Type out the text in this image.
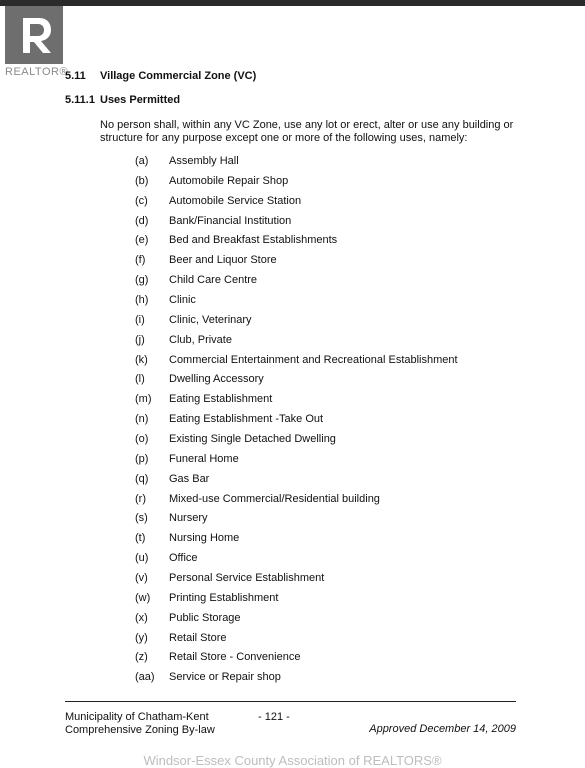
REALTOR®
5.11 Village Commercial Zone (VC)
5.11.1 Uses Permitted
No person shall, within any VC Zone, use any lot or erect, alter or use any building or structure for any purpose except one or more of the following uses, namely:
(a) Assembly Hall
(b) Automobile Repair Shop
(c) Automobile Service Station
(d) Bank/Financial Institution
(e) Bed and Breakfast Establishments
(f) Beer and Liquor Store
(g) Child Care Centre
(h) Clinic
(i) Clinic, Veterinary
(j) Club, Private
(k) Commercial Entertainment and Recreational Establishment
(l) Dwelling Accessory
(m) Eating Establishment
(n) Eating Establishment -Take Out
(o) Existing Single Detached Dwelling
(p) Funeral Home
(q) Gas Bar
(r) Mixed-use Commercial/Residential building
(s) Nursery
(t) Nursing Home
(u) Office
(v) Personal Service Establishment
(w) Printing Establishment
(x) Public Storage
(y) Retail Store
(z) Retail Store - Convenience
(aa) Service or Repair shop
Municipality of Chatham-Kent
Comprehensive Zoning By-law
- 121 -
Approved December 14, 2009
Windsor-Essex County Association of REALTORS®
